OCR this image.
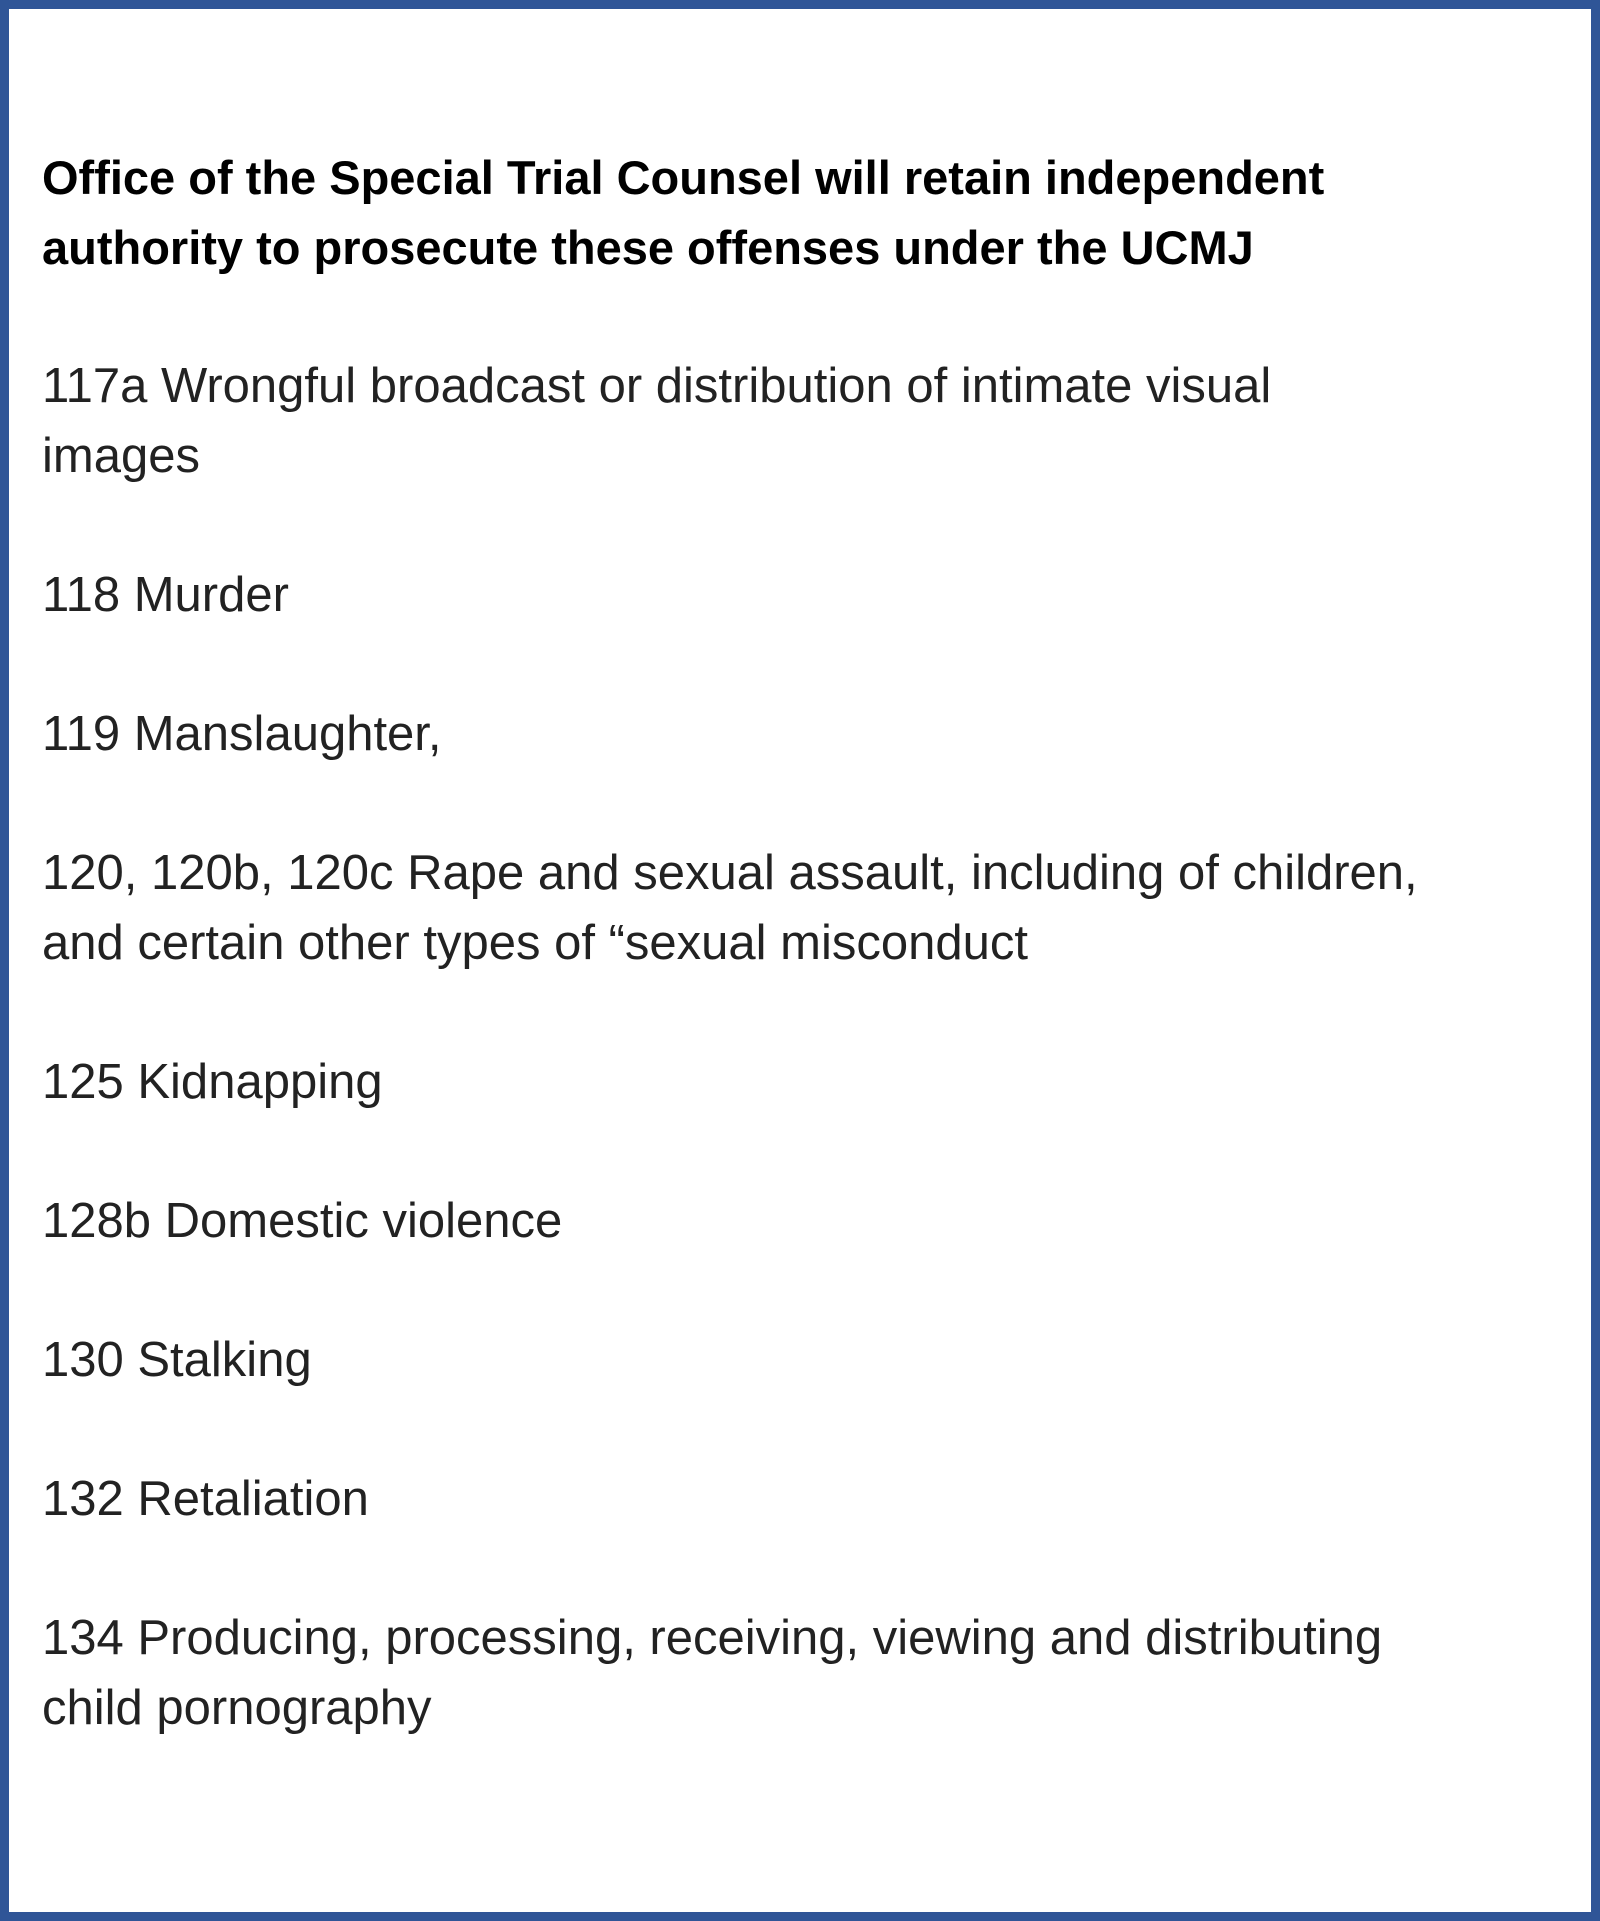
Office of the Special Trial Counsel will retain independent
authority to prosecute these offenses under the UCMJ
117a Wrongful broadcast or distribution of intimate visual
images
118 Murder
119 Manslaughter,
120, 120b, 120c Rape and sexual assault, including of children,
and certain other types of “sexual misconduct
125 Kidnapping
128b Domestic violence
130 Stalking
132 Retaliation
134 Producing, processing, receiving, viewing and distributing
child pornography
